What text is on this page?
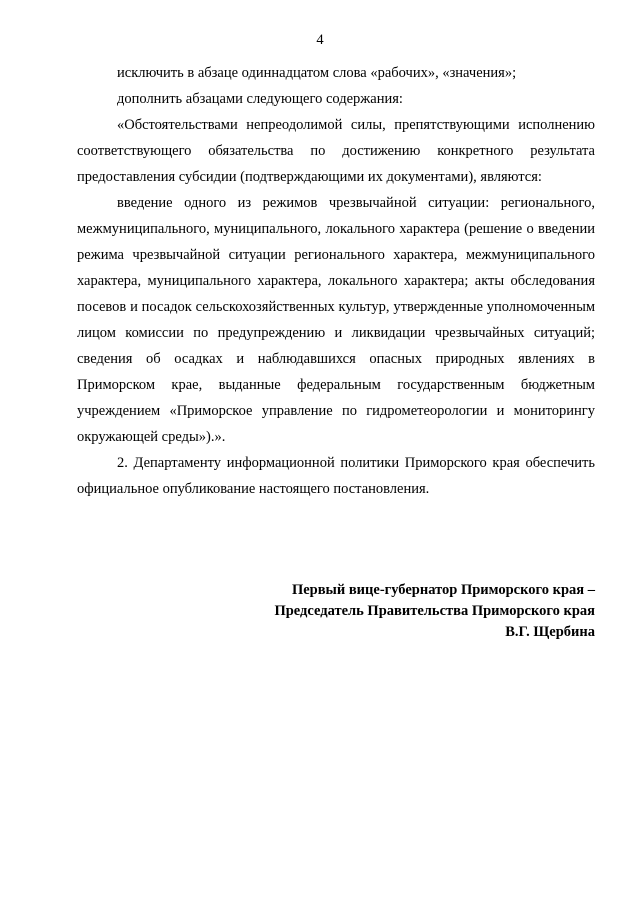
4

исключить в абзаце одиннадцатом слова «рабочих», «значения»;

дополнить абзацами следующего содержания:

«Обстоятельствами непреодолимой силы, препятствующими исполнению соответствующего обязательства по достижению конкретного результата предоставления субсидии (подтверждающими их документами), являются:

введение одного из режимов чрезвычайной ситуации: регионального, межмуниципального, муниципального, локального характера (решение о введении режима чрезвычайной ситуации регионального характера, межмуниципального характера, муниципального характера, локального характера; акты обследования посевов и посадок сельскохозяйственных культур, утвержденные уполномоченным лицом комиссии по предупреждению и ликвидации чрезвычайных ситуаций; сведения об осадках и наблюдавшихся опасных природных явлениях в Приморском крае, выданные федеральным государственным бюджетным учреждением «Приморское управление по гидрометеорологии и мониторингу окружающей среды»).».

2. Департаменту информационной политики Приморского края обеспечить официальное опубликование настоящего постановления.

Первый вице-губернатор Приморского края –
Председатель Правительства Приморского края
В.Г. Щербина
